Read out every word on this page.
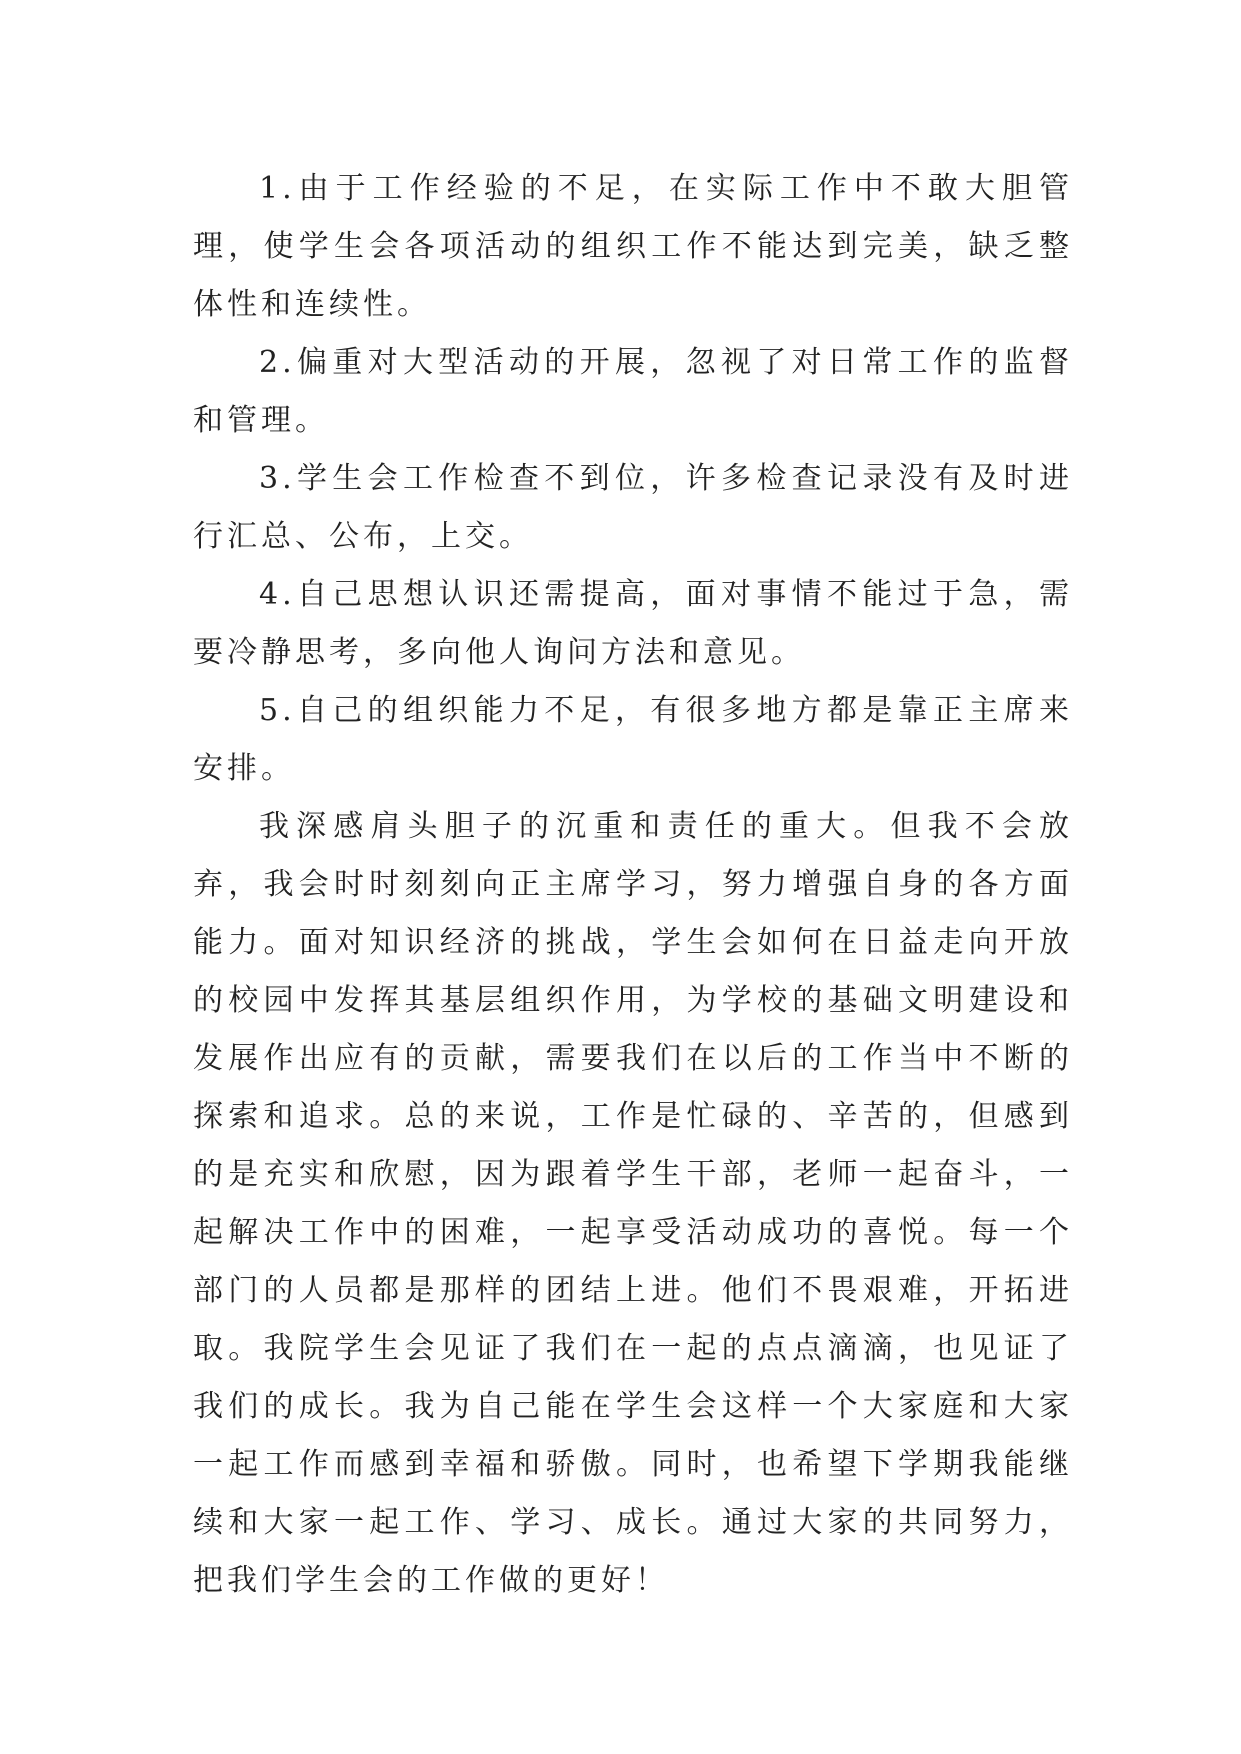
1.由于工作经验的不足，在实际工作中不敢大胆管理，使学生会各项活动的组织工作不能达到完美，缺乏整体性和连续性。

2.偏重对大型活动的开展，忽视了对日常工作的监督和管理。

3.学生会工作检查不到位，许多检查记录没有及时进行汇总、公布，上交。

4.自己思想认识还需提高，面对事情不能过于急，需要冷静思考，多向他人询问方法和意见。

5.自己的组织能力不足，有很多地方都是靠正主席来安排。

我深感肩头胆子的沉重和责任的重大。但我不会放弃，我会时时刻刻向正主席学习，努力增强自身的各方面能力。面对知识经济的挑战，学生会如何在日益走向开放的校园中发挥其基层组织作用，为学校的基础文明建设和发展作出应有的贡献，需要我们在以后的工作当中不断的探索和追求。总的来说，工作是忙碌的、辛苦的，但感到的是充实和欣慰，因为跟着学生干部，老师一起奋斗，一起解决工作中的困难，一起享受活动成功的喜悦。每一个部门的人员都是那样的团结上进。他们不畏艰难，开拓进取。我院学生会见证了我们在一起的点点滴滴，也见证了我们的成长。我为自己能在学生会这样一个大家庭和大家一起工作而感到幸福和骄傲。同时，也希望下学期我能继续和大家一起工作、学习、成长。通过大家的共同努力，把我们学生会的工作做的更好！
